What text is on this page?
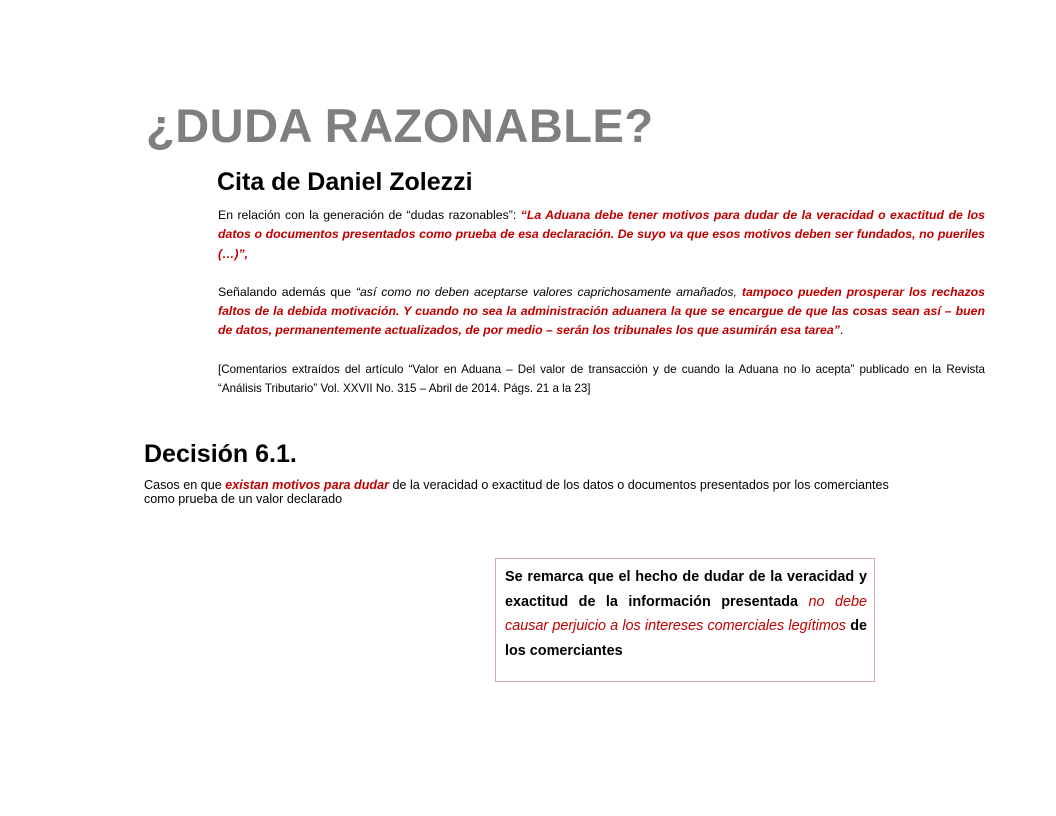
¿DUDA RAZONABLE?
Cita de Daniel Zolezzi

En relación con la generación de “dudas razonables”: “La Aduana debe tener motivos para dudar de la veracidad o exactitud de los datos o documentos presentados como prueba de esa declaración. De suyo va que esos motivos deben ser fundados, no pueriles (…)”,

Señalando además que “así como no deben aceptarse valores caprichosamente amañados, tampoco pueden prosperar los rechazos faltos de la debida motivación. Y cuando no sea la administración aduanera la que se encargue de que las cosas sean así – buen de datos, permanentemente actualizados, de por medio – serán los tribunales los que asumirán esa tarea”.

[Comentarios extraídos del artículo “Valor en Aduana – Del valor de transacción y de cuando la Aduana no lo acepta” publicado en la Revista “Análisis Tributario” Vol. XXVII No. 315 – Abril de 2014. Págs. 21 a la 23]

Decisión 6.1.

Casos en que existan motivos para dudar de la veracidad o exactitud de los datos o documentos presentados por los comerciantes como prueba de un valor declarado

Se remarca que el hecho de dudar de la veracidad y exactitud de la información presentada no debe causar perjuicio a los intereses comerciales legítimos de los comerciantes
